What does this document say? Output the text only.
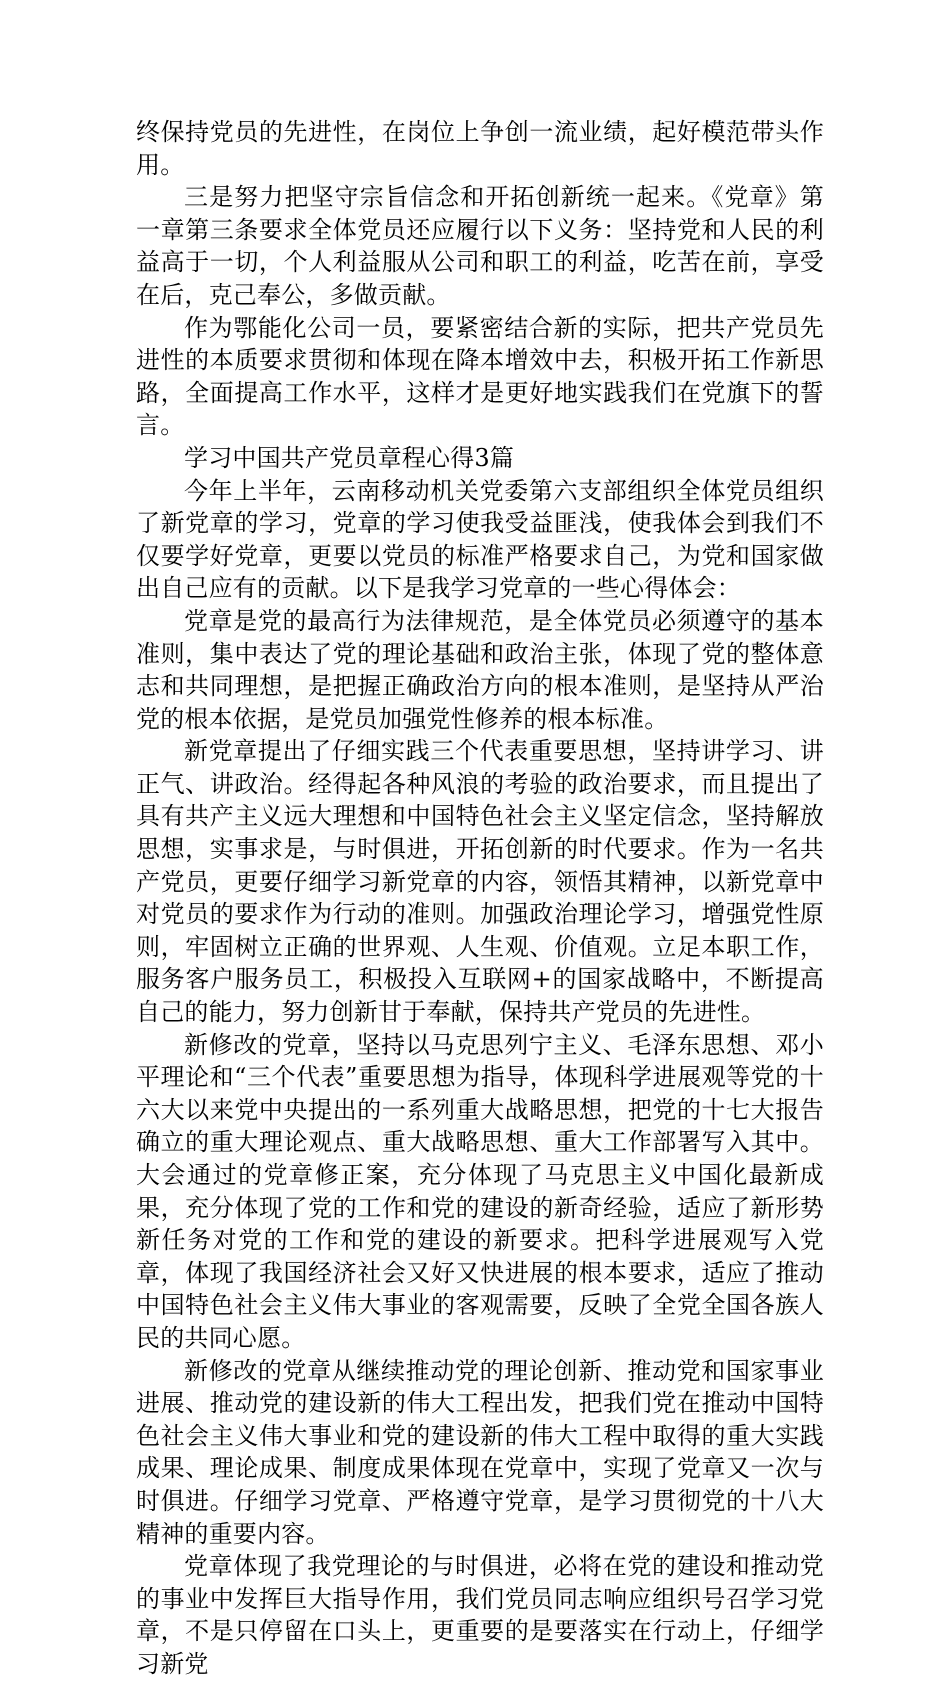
终保持党员的先进性，在岗位上争创一流业绩，起好模范带头作用。

三是努力把坚守宗旨信念和开拓创新统一起来。《党章》第一章第三条要求全体党员还应履行以下义务：坚持党和人民的利益高于一切，个人利益服从公司和职工的利益，吃苦在前，享受在后，克己奉公，多做贡献。

作为鄂能化公司一员，要紧密结合新的实际，把共产党员先进性的本质要求贯彻和体现在降本增效中去，积极开拓工作新思路，全面提高工作水平，这样才是更好地实践我们在党旗下的誓言。

学习中国共产党员章程心得3篇

今年上半年，云南移动机关党委第六支部组织全体党员组织了新党章的学习，党章的学习使我受益匪浅，使我体会到我们不仅要学好党章，更要以党员的标准严格要求自己，为党和国家做出自己应有的贡献。以下是我学习党章的一些心得体会：

党章是党的最高行为法律规范，是全体党员必须遵守的基本准则，集中表达了党的理论基础和政治主张，体现了党的整体意志和共同理想，是把握正确政治方向的根本准则，是坚持从严治党的根本依据，是党员加强党性修养的根本标准。

新党章提出了仔细实践三个代表重要思想，坚持讲学习、讲正气、讲政治。经得起各种风浪的考验的政治要求，而且提出了具有共产主义远大理想和中国特色社会主义坚定信念，坚持解放思想，实事求是，与时俱进，开拓创新的时代要求。作为一名共产党员，更要仔细学习新党章的内容，领悟其精神，以新党章中对党员的要求作为行动的准则。加强政治理论学习，增强党性原则，牢固树立正确的世界观、人生观、价值观。立足本职工作，服务客户服务员工，积极投入互联网+的国家战略中，不断提高自己的能力，努力创新甘于奉献，保持共产党员的先进性。

新修改的党章，坚持以马克思列宁主义、毛泽东思想、邓小平理论和“三个代表”重要思想为指导，体现科学进展观等党的十六大以来党中央提出的一系列重大战略思想，把党的十七大报告确立的重大理论观点、重大战略思想、重大工作部署写入其中。大会通过的党章修正案，充分体现了马克思主义中国化最新成果，充分体现了党的工作和党的建设的新奇经验，适应了新形势新任务对党的工作和党的建设的新要求。把科学进展观写入党章，体现了我国经济社会又好又快进展的根本要求，适应了推动中国特色社会主义伟大事业的客观需要，反映了全党全国各族人民的共同心愿。

新修改的党章从继续推动党的理论创新、推动党和国家事业进展、推动党的建设新的伟大工程出发，把我们党在推动中国特色社会主义伟大事业和党的建设新的伟大工程中取得的重大实践成果、理论成果、制度成果体现在党章中，实现了党章又一次与时俱进。仔细学习党章、严格遵守党章，是学习贯彻党的十八大精神的重要内容。

党章体现了我党理论的与时俱进，必将在党的建设和推动党的事业中发挥巨大指导作用，我们党员同志响应组织号召学习党章，不是只停留在口头上，更重要的是要落实在行动上，仔细学习新党
